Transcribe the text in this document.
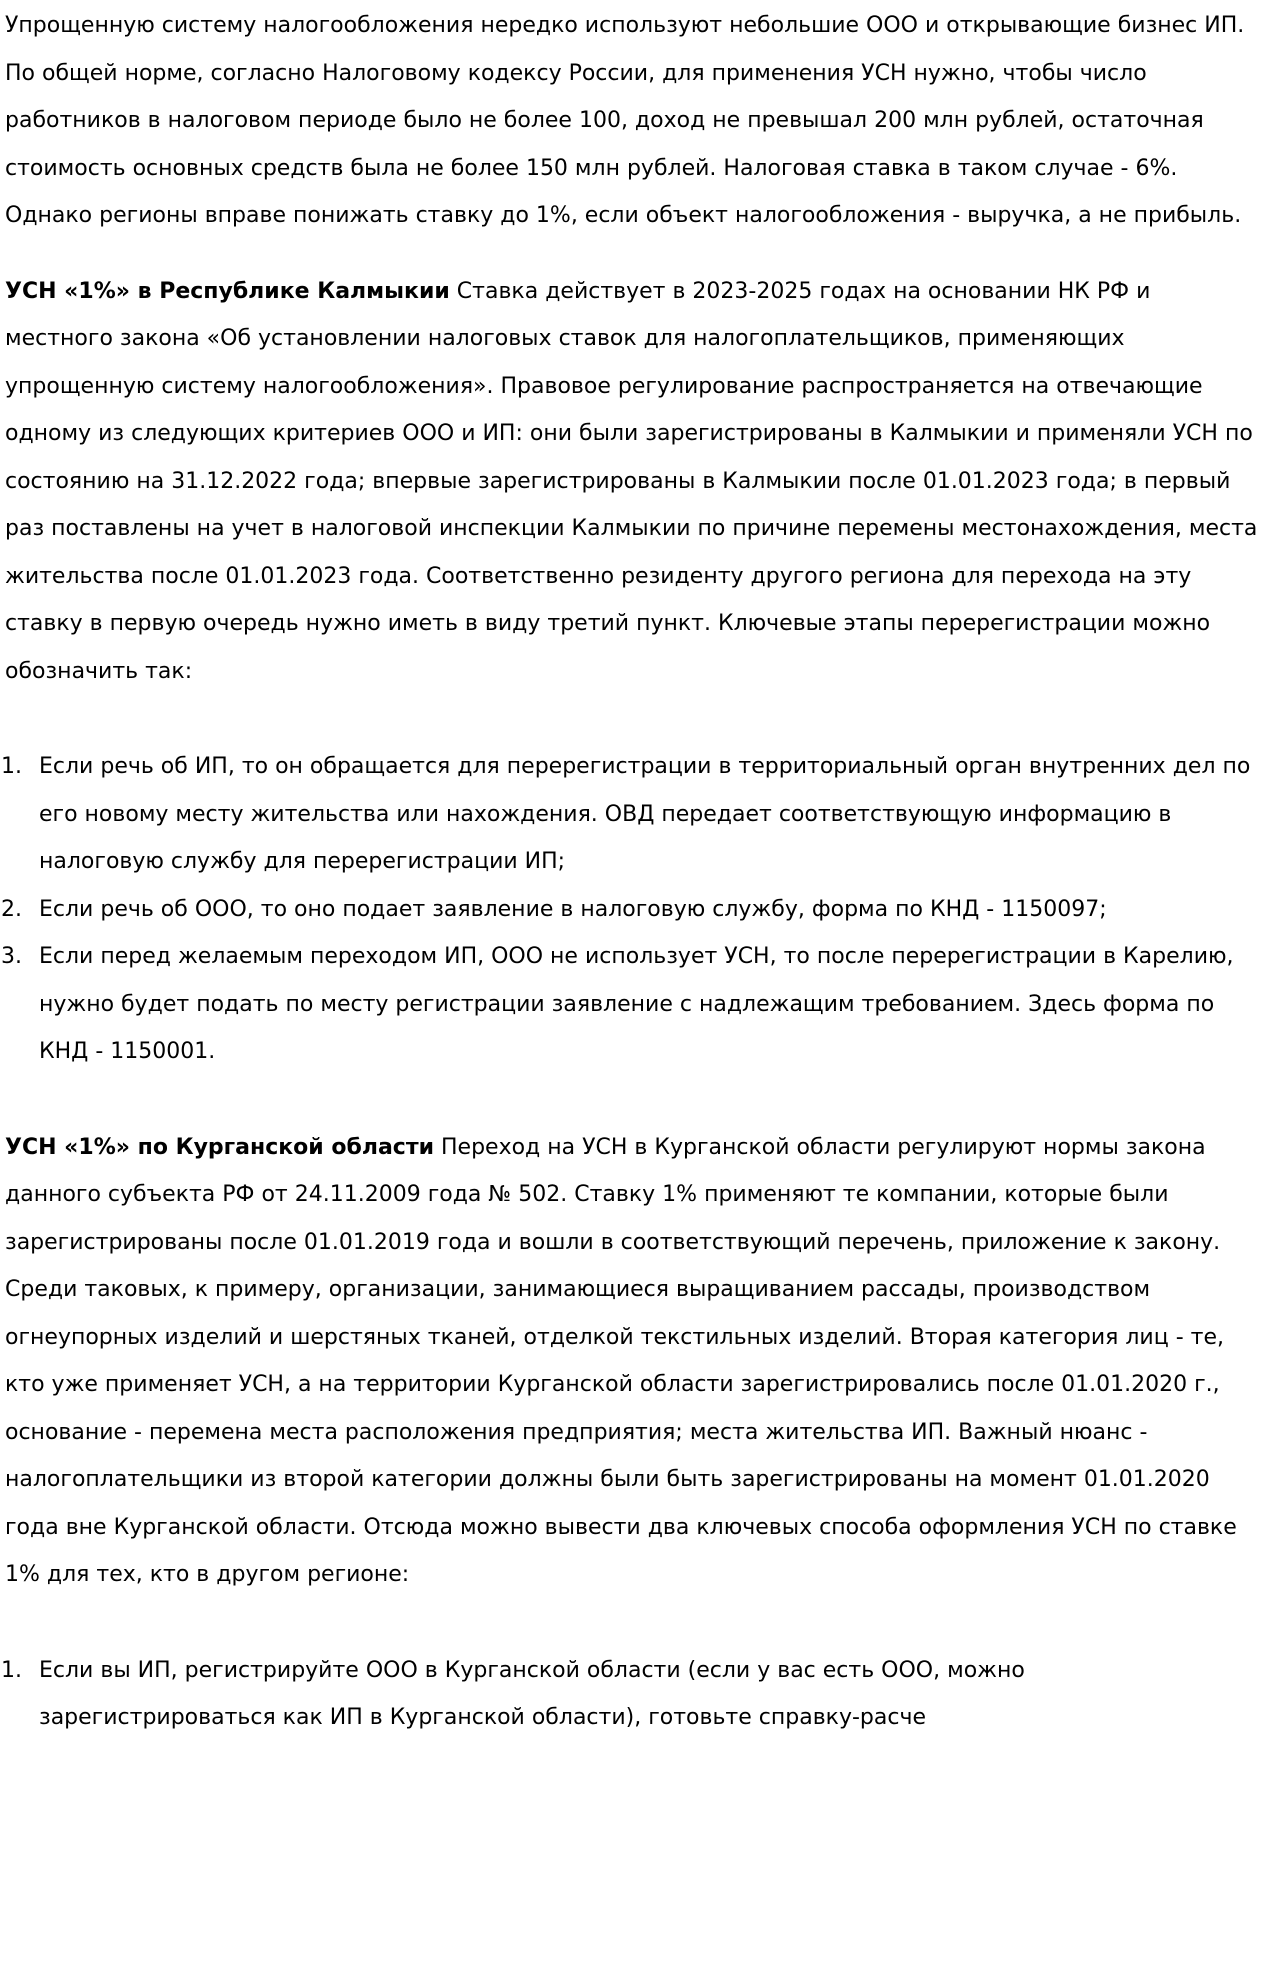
Упрощенную систему налогообложения нередко используют небольшие ООО и открывающие бизнес ИП. По общей норме, согласно Налоговому кодексу России, для применения УСН нужно, чтобы число работников в налоговом периоде было не более 100, доход не превышал 200 млн рублей, остаточная стоимость основных средств была не более 150 млн рублей. Налоговая ставка в таком случае - 6%. Однако регионы вправе понижать ставку до 1%, если объект налогообложения - выручка, а не прибыль.

УСН «1%» в Республике Калмыкии Ставка действует в 2023-2025 годах на основании НК РФ и местного закона «Об установлении налоговых ставок для налогоплательщиков, применяющих упрощенную систему налогообложения». Правовое регулирование распространяется на отвечающие одному из следующих критериев ООО и ИП: они были зарегистрированы в Калмыкии и применяли УСН по состоянию на 31.12.2022 года; впервые зарегистрированы в Калмыкии после 01.01.2023 года; в первый раз поставлены на учет в налоговой инспекции Калмыкии по причине перемены местонахождения, места жительства после 01.01.2023 года. Соответственно резиденту другого региона для перехода на эту ставку в первую очередь нужно иметь в виду третий пункт. Ключевые этапы перерегистрации можно обозначить так:

Если речь об ИП, то он обращается для перерегистрации в территориальный орган внутренних дел по его новому месту жительства или нахождения. ОВД передает соответствующую информацию в налоговую службу для перерегистрации ИП;
Если речь об ООО, то оно подает заявление в налоговую службу, форма по КНД - 1150097;
Если перед желаемым переходом ИП, ООО не использует УСН, то после перерегистрации в Карелию, нужно будет подать по месту регистрации заявление с надлежащим требованием. Здесь форма по КНД - 1150001.

УСН «1%» по Курганской области Переход на УСН в Курганской области регулируют нормы закона данного субъекта РФ от 24.11.2009 года № 502. Ставку 1% применяют те компании, которые были зарегистрированы после 01.01.2019 года и вошли в соответствующий перечень, приложение к закону. Среди таковых, к примеру, организации, занимающиеся выращиванием рассады, производством огнеупорных изделий и шерстяных тканей, отделкой текстильных изделий. Вторая категория лиц - те, кто уже применяет УСН, а на территории Курганской области зарегистрировались после 01.01.2020 г., основание - перемена места расположения предприятия; места жительства ИП. Важный нюанс - налогоплательщики из второй категории должны были быть зарегистрированы на момент 01.01.2020 года вне Курганской области. Отсюда можно вывести два ключевых способа оформления УСН по ставке 1% для тех, кто в другом регионе:

Если вы ИП, регистрируйте ООО в Курганской области (если у вас есть ООО, можно зарегистрироваться как ИП в Курганской области), готовьте справку-расче
